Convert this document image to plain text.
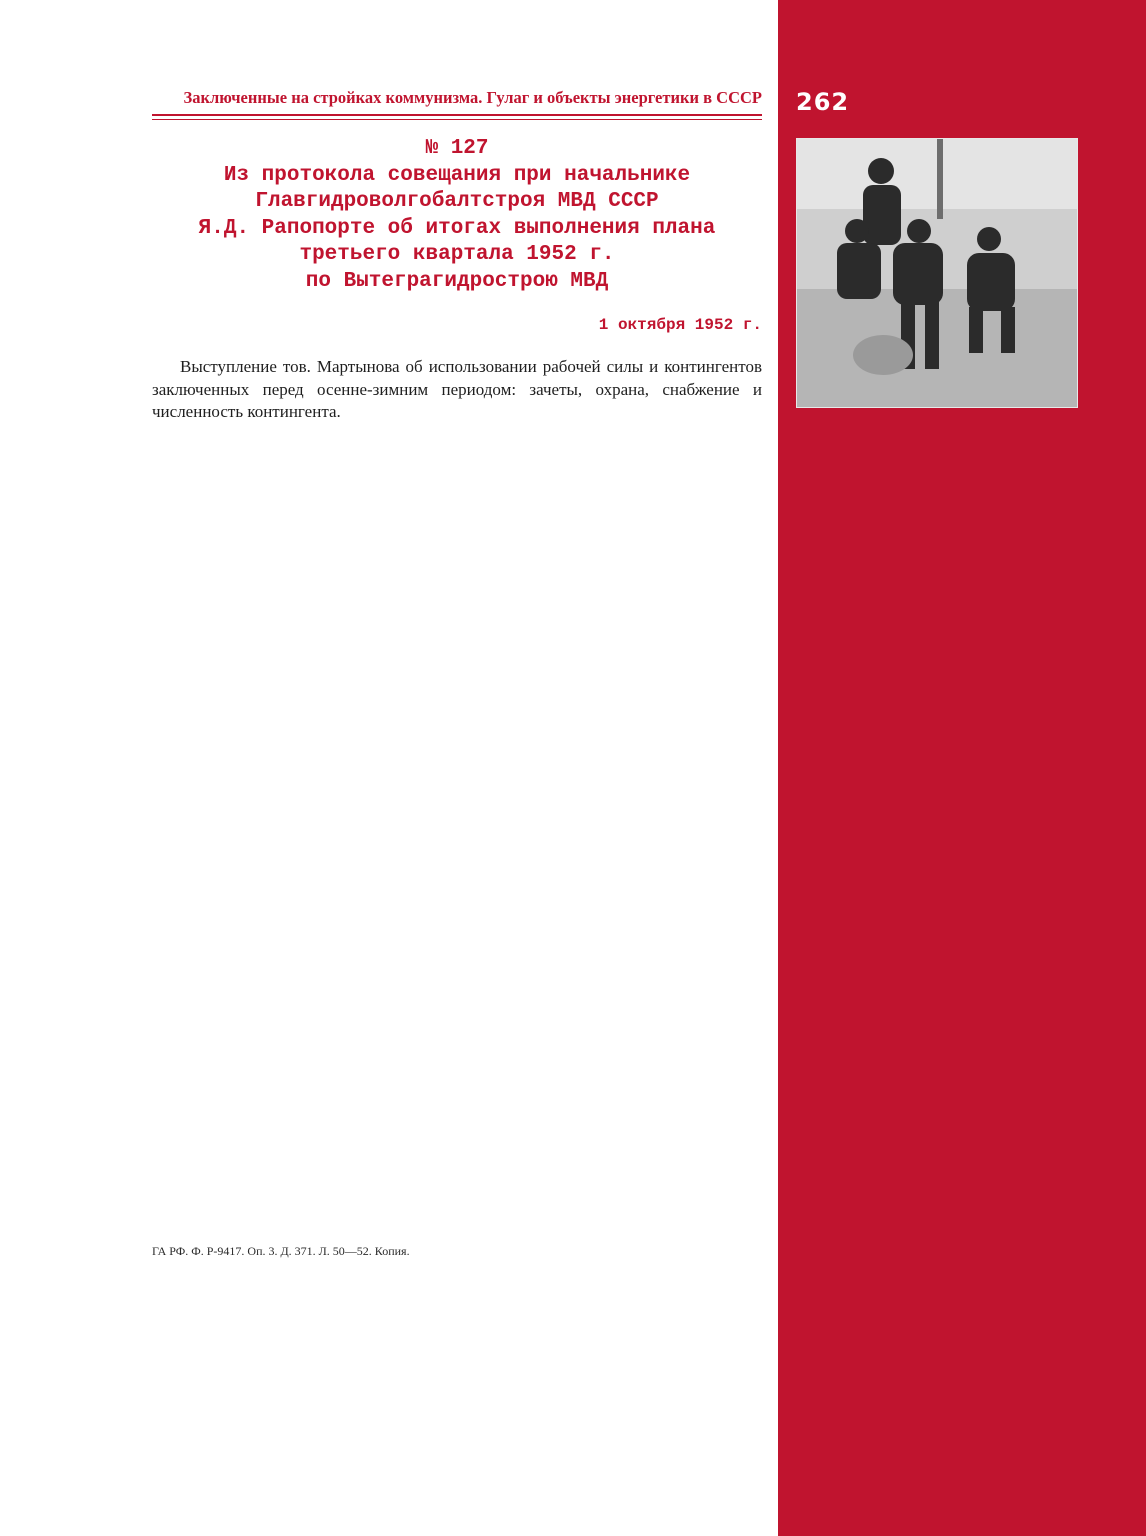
262
Заключенные на стройках коммунизма. Гулаг и объекты энергетики в СССР
№ 127
Из протокола совещания при начальнике
Главгидроволгобалтстроя МВД СССР
Я.Д. Рапопорте об итогах выполнения плана
третьего квартала 1952 г.
по Вытеграгидрострою МВД
1 октября 1952 г.

Выступление тов. Мартынова об использовании рабочей силы и контингентов заключенных перед осенне-зимним периодом: зачеты, охрана, снабжение и численность контингента.

ГА РФ. Ф. Р-9417. Оп. 3. Д. 371. Л. 50—52. Копия.
